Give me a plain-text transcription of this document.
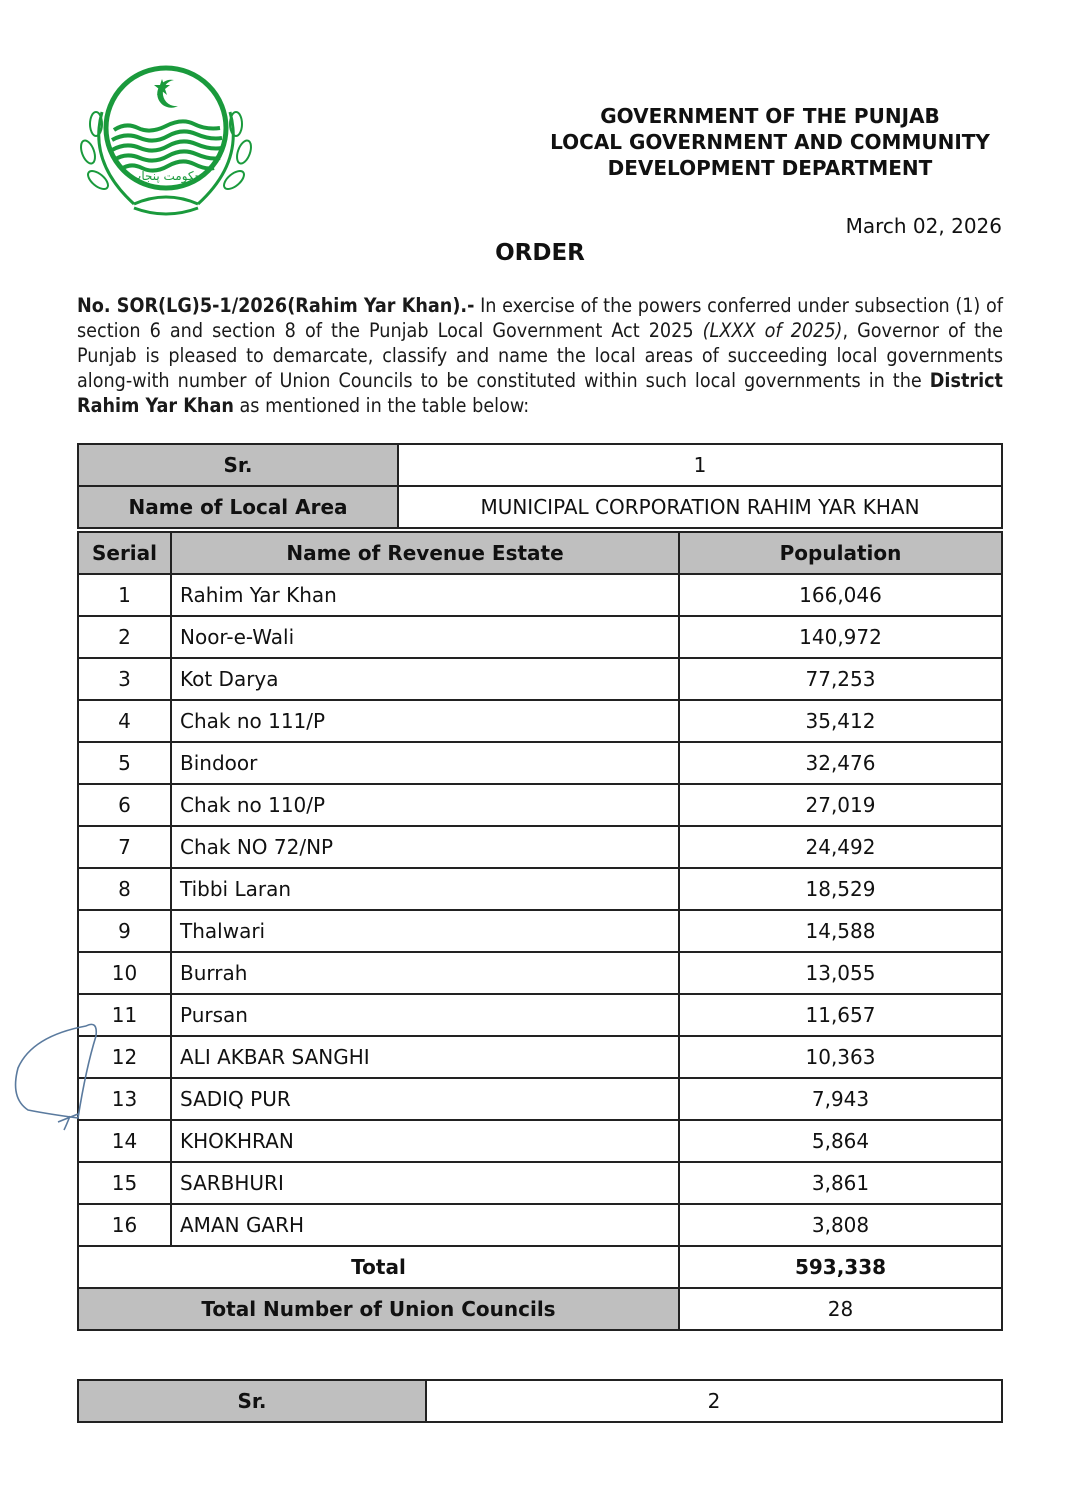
حکومت پنجاب
GOVERNMENT OF THE PUNJAB
LOCAL GOVERNMENT AND COMMUNITY
DEVELOPMENT DEPARTMENT
March 02, 2026
ORDER
No. SOR(LG)5-1/2026(Rahim Yar Khan).- In exercise of the powers conferred under subsection (1) of section 6 and section 8 of the Punjab Local Government Act 2025 (LXXX of 2025), Governor of the Punjab is pleased to demarcate, classify and name the local areas of succeeding local governments along-with number of Union Councils to be constituted within such local governments in the District Rahim Yar Khan as mentioned in the table below:
Sr.	1
Name of Local Area	MUNICIPAL CORPORATION RAHIM YAR KHAN
Serial	Name of Revenue Estate	Population
1	Rahim Yar Khan	166,046
2	Noor-e-Wali	140,972
3	Kot Darya	77,253
4	Chak no 111/P	35,412
5	Bindoor	32,476
6	Chak no 110/P	27,019
7	Chak NO 72/NP	24,492
8	Tibbi Laran	18,529
9	Thalwari	14,588
10	Burrah	13,055
11	Pursan	11,657
12	ALI AKBAR SANGHI	10,363
13	SADIQ PUR	7,943
14	KHOKHRAN	5,864
15	SARBHURI	3,861
16	AMAN GARH	3,808
Total		593,338
Total Number of Union Councils		28
Sr.	2
